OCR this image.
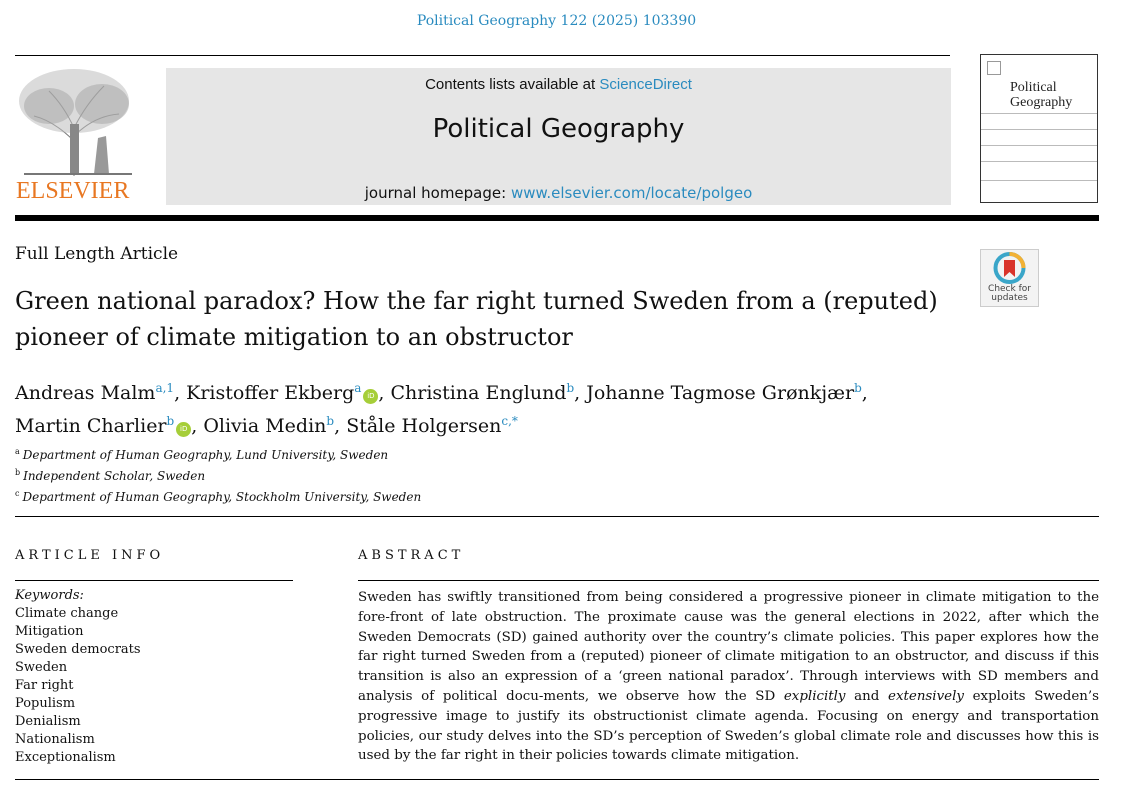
Political Geography 122 (2025) 103390
ELSEVIER
Contents lists available at ScienceDirect
Political Geography
journal homepage: www.elsevier.com/locate/polgeo
Political
Geography
Full Length Article
Check for
updates
Green national paradox? How the far right turned Sweden from a (reputed)
pioneer of climate mitigation to an obstructor
Andreas Malm$^{a,1}$, Kristoffer Ekberg$^a$iD , Christina Englund$^b$, Johanne Tagmose Grønkjær$^b$,
Martin Charlier$^b$iD , Olivia Medin$^b$, Ståle Holgersen$^{c,*}$
$^a$ Department of Human Geography, Lund University, Sweden
$^b$ Independent Scholar, Sweden
$^c$ Department of Human Geography, Stockholm University, Sweden
ARTICLE INFO
Keywords:
Climate change
Mitigation
Sweden democrats
Sweden
Far right
Populism
Denialism
Nationalism
Exceptionalism
ABSTRACT
Sweden has swiftly transitioned from being considered a progressive pioneer in climate mitigation to the fore-front of late obstruction. The proximate cause was the general elections in 2022, after which the Sweden Democrats (SD) gained authority over the country’s climate policies. This paper explores how the far right turned Sweden from a (reputed) pioneer of climate mitigation to an obstructor, and discuss if this transition is also an expression of a ‘green national paradox’. Through interviews with SD members and analysis of political docu-ments, we observe how the SD explicitly and extensively exploits Sweden’s progressive image to justify its obstructionist climate agenda. Focusing on energy and transportation policies, our study delves into the SD’s perception of Sweden’s global climate role and discusses how this is used by the far right in their policies towards climate mitigation.
